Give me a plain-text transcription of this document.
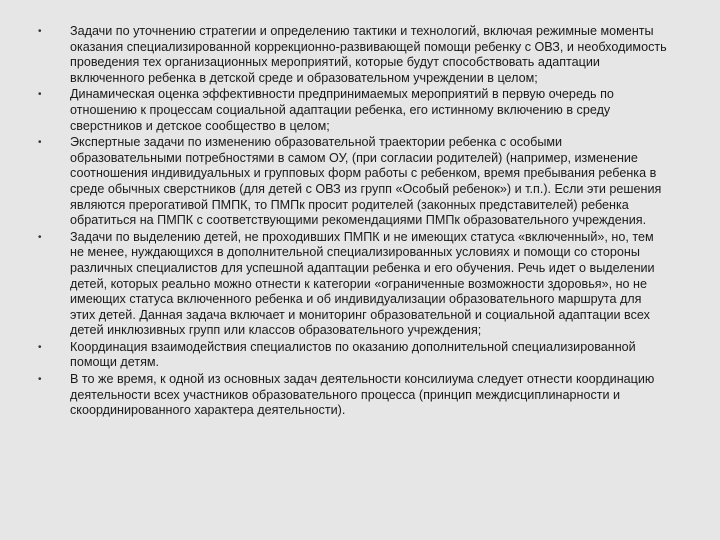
• Задачи по уточнению стратегии и определению тактики и технологий, включая режимные моменты оказания специализированной коррекционно-развивающей помощи ребенку с ОВЗ, и необходимость проведения тех организационных мероприятий, которые будут способствовать адаптации включенного ребенка в детской среде и образовательном учреждении в целом;
• Динамическая оценка эффективности предпринимаемых мероприятий в первую очередь по отношению к процессам социальной адаптации ребенка, его истинному включению в среду сверстников и детское сообщество в целом;
• Экспертные задачи по изменению образовательной траектории ребенка с особыми образовательными потребностями в самом ОУ, (при согласии родителей) (например, изменение соотношения индивидуальных и групповых форм работы с ребенком, время пребывания ребенка в среде обычных сверстников (для детей с ОВЗ из групп «Особый ребенок») и т.п.). Если эти решения являются прерогативой ПМПК, то ПМПк просит родителей (законных представителей) ребенка обратиться на ПМПК с соответствующими рекомендациями ПМПк образовательного учреждения.
• Задачи по выделению детей, не проходивших ПМПК и не имеющих статуса «включенный», но, тем не менее, нуждающихся в дополнительной специализированных условиях и помощи со стороны различных специалистов для успешной адаптации ребенка и его обучения. Речь идет о выделении детей, которых реально можно отнести к категории «ограниченные возможности здоровья», но не имеющих статуса включенного ребенка и об индивидуализации образовательного маршрута для этих детей. Данная задача включает и мониторинг образовательной и социальной адаптации всех детей инклюзивных групп или классов образовательного учреждения;
• Координация взаимодействия специалистов по оказанию дополнительной специализированной помощи детям.
• В то же время, к одной из основных задач деятельности консилиума следует отнести координацию деятельности всех участников образовательного процесса (принцип междисциплинарности и скоординированного характера деятельности).
